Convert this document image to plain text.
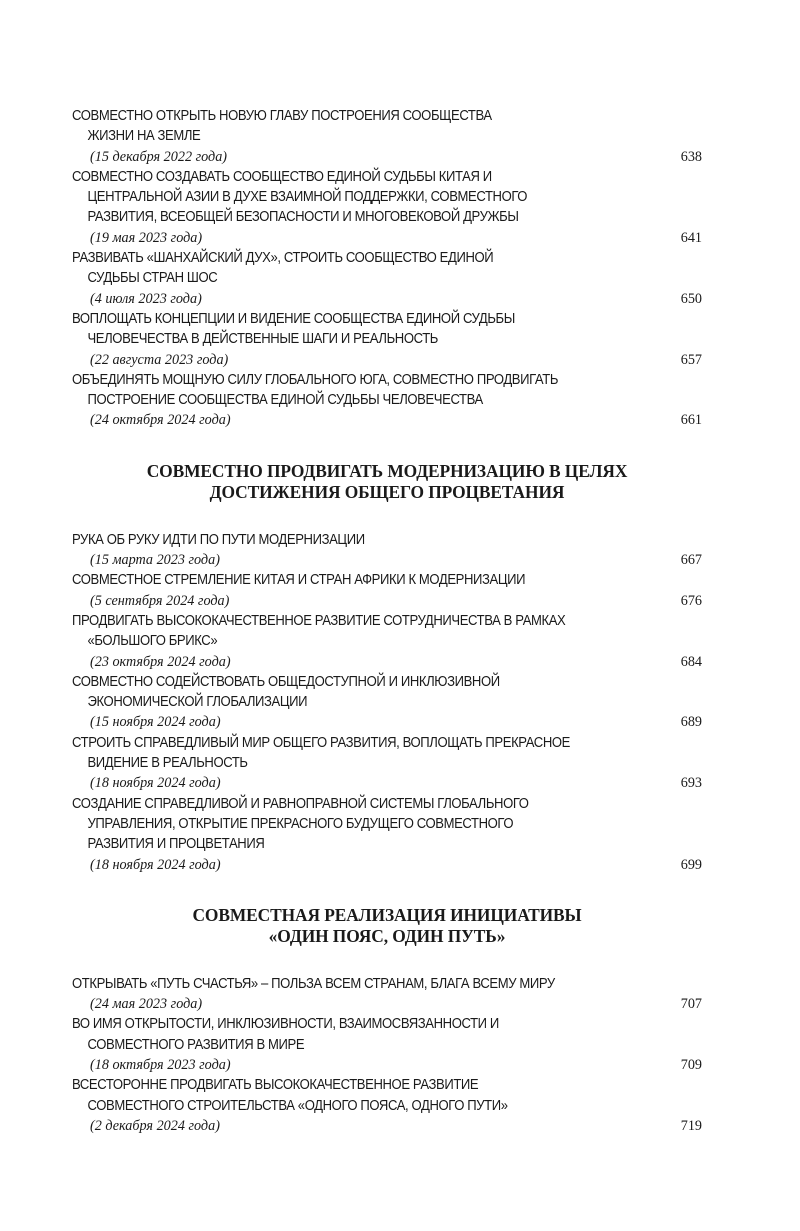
СОВМЕСТНО ОТКРЫТЬ НОВУЮ ГЛАВУ ПОСТРОЕНИЯ СООБЩЕСТВА
ЖИЗНИ НА ЗЕМЛЕ
(15 декабря 2022 года)	638
СОВМЕСТНО СОЗДАВАТЬ СООБЩЕСТВО ЕДИНОЙ СУДЬБЫ КИТАЯ И
ЦЕНТРАЛЬНОЙ АЗИИ В ДУХЕ ВЗАИМНОЙ ПОДДЕРЖКИ, СОВМЕСТНОГО
РАЗВИТИЯ, ВСЕОБЩЕЙ БЕЗОПАСНОСТИ И МНОГОВЕКОВОЙ ДРУЖБЫ
(19 мая 2023 года)	641
РАЗВИВАТЬ «ШАНХАЙСКИЙ ДУХ», СТРОИТЬ СООБЩЕСТВО ЕДИНОЙ
СУДЬБЫ СТРАН ШОС
(4 июля 2023 года)	650
ВОПЛОЩАТЬ КОНЦЕПЦИИ И ВИДЕНИЕ СООБЩЕСТВА ЕДИНОЙ СУДЬБЫ
ЧЕЛОВЕЧЕСТВА В ДЕЙСТВЕННЫЕ ШАГИ И РЕАЛЬНОСТЬ
(22 августа 2023 года)	657
ОБЪЕДИНЯТЬ МОЩНУЮ СИЛУ ГЛОБАЛЬНОГО ЮГА, СОВМЕСТНО ПРОДВИГАТЬ
ПОСТРОЕНИЕ СООБЩЕСТВА ЕДИНОЙ СУДЬБЫ ЧЕЛОВЕЧЕСТВА
(24 октября 2024 года)	661
СОВМЕСТНО ПРОДВИГАТЬ МОДЕРНИЗАЦИЮ В ЦЕЛЯХ
ДОСТИЖЕНИЯ ОБЩЕГО ПРОЦВЕТАНИЯ
РУКА ОБ РУКУ ИДТИ ПО ПУТИ МОДЕРНИЗАЦИИ
(15 марта 2023 года)	667
СОВМЕСТНОЕ СТРЕМЛЕНИЕ КИТАЯ И СТРАН АФРИКИ К МОДЕРНИЗАЦИИ
(5 сентября 2024 года)	676
ПРОДВИГАТЬ ВЫСОКОКАЧЕСТВЕННОЕ РАЗВИТИЕ СОТРУДНИЧЕСТВА В РАМКАХ
«БОЛЬШОГО БРИКС»
(23 октября 2024 года)	684
СОВМЕСТНО СОДЕЙСТВОВАТЬ ОБЩЕДОСТУПНОЙ И ИНКЛЮЗИВНОЙ
ЭКОНОМИЧЕСКОЙ ГЛОБАЛИЗАЦИИ
(15 ноября 2024 года)	689
СТРОИТЬ СПРАВЕДЛИВЫЙ МИР ОБЩЕГО РАЗВИТИЯ, ВОПЛОЩАТЬ ПРЕКРАСНОЕ
ВИДЕНИЕ В РЕАЛЬНОСТЬ
(18 ноября 2024 года)	693
СОЗДАНИЕ СПРАВЕДЛИВОЙ И РАВНОПРАВНОЙ СИСТЕМЫ ГЛОБАЛЬНОГО
УПРАВЛЕНИЯ, ОТКРЫТИЕ ПРЕКРАСНОГО БУДУЩЕГО СОВМЕСТНОГО
РАЗВИТИЯ И ПРОЦВЕТАНИЯ
(18 ноября 2024 года)	699
СОВМЕСТНАЯ РЕАЛИЗАЦИЯ ИНИЦИАТИВЫ
«ОДИН ПОЯС, ОДИН ПУТЬ»
ОТКРЫВАТЬ «ПУТЬ СЧАСТЬЯ» – ПОЛЬЗА ВСЕМ СТРАНАМ, БЛАГА ВСЕМУ МИРУ
(24 мая 2023 года)	707
ВО ИМЯ ОТКРЫТОСТИ, ИНКЛЮЗИВНОСТИ, ВЗАИМОСВЯЗАННОСТИ И
СОВМЕСТНОГО РАЗВИТИЯ В МИРЕ
(18 октября 2023 года)	709
ВСЕСТОРОННЕ ПРОДВИГАТЬ ВЫСОКОКАЧЕСТВЕННОЕ РАЗВИТИЕ
СОВМЕСТНОГО СТРОИТЕЛЬСТВА «ОДНОГО ПОЯСА, ОДНОГО ПУТИ»
(2 декабря 2024 года)	719
